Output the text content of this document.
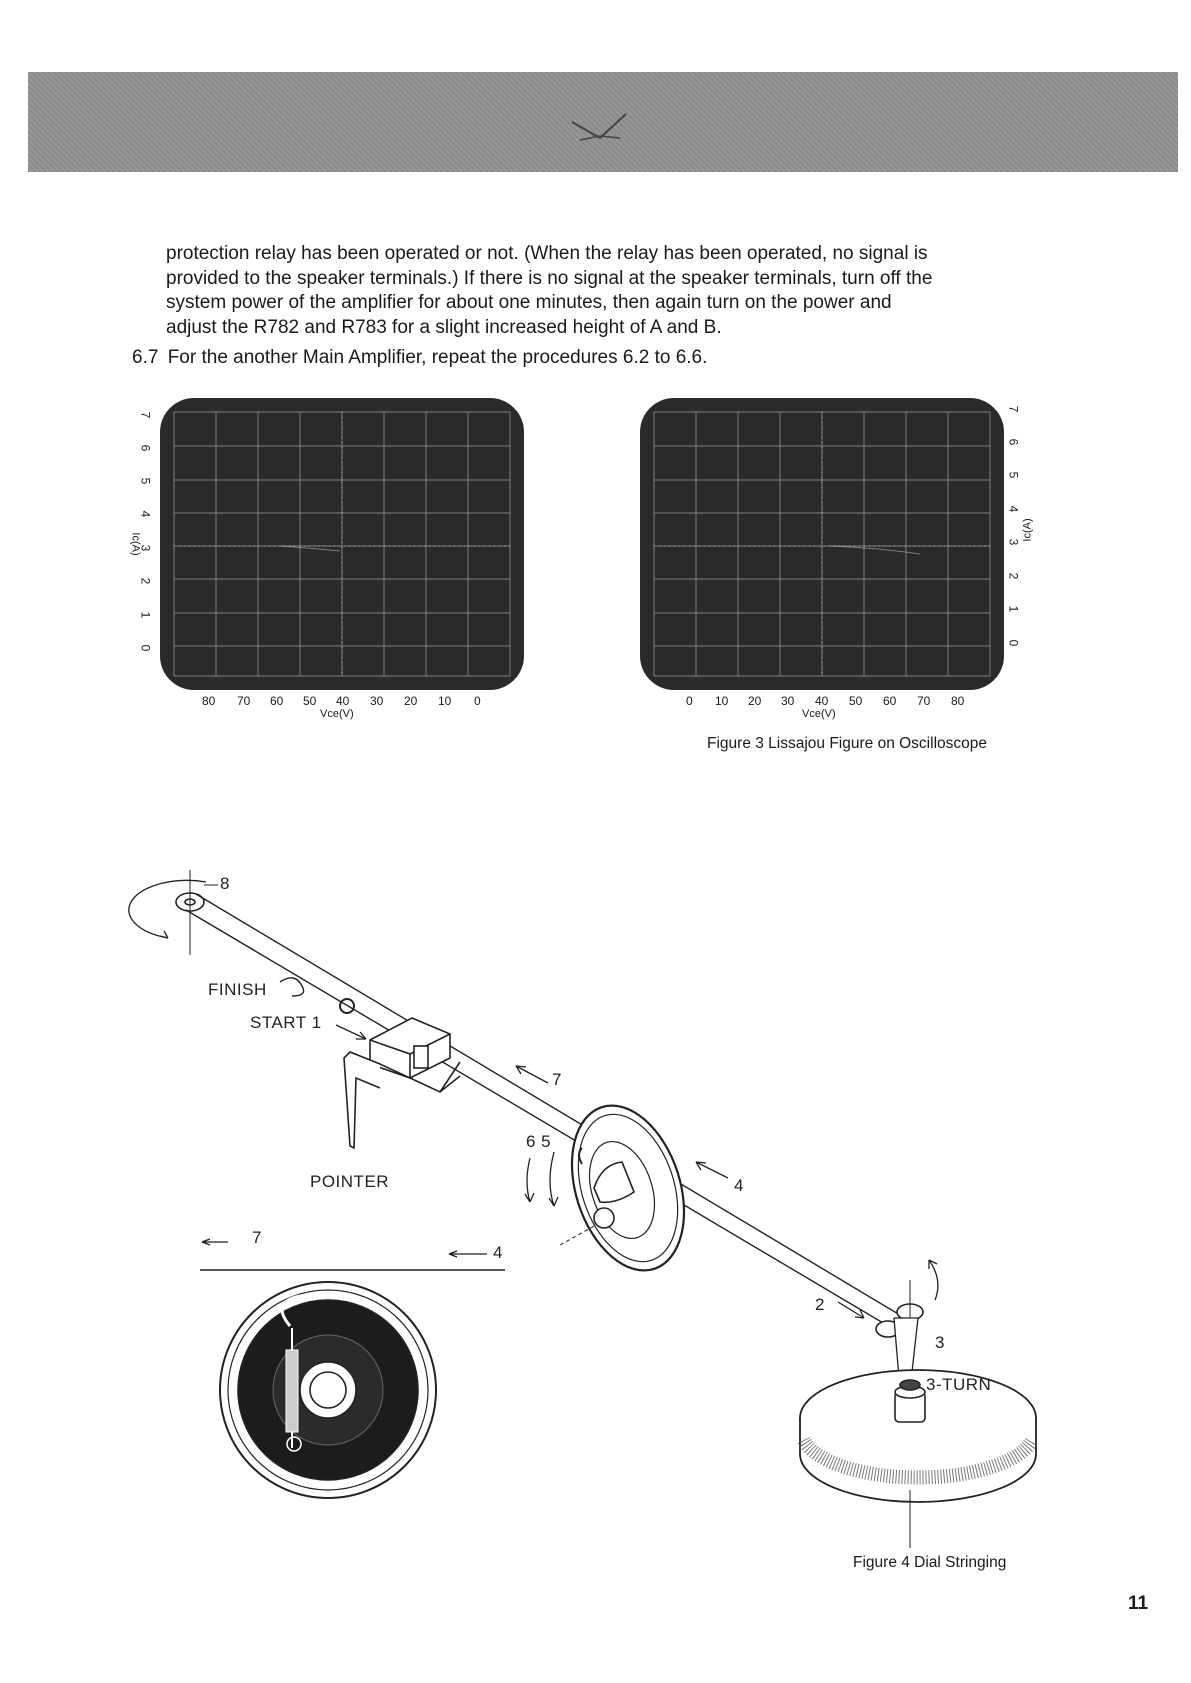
protection relay has been operated or not. (When the relay has been operated, no signal is

provided to the speaker terminals.) If there is no signal at the speaker terminals, turn off the

system power of the amplifier for about one minutes, then again turn on the power and

adjust the R782 and R783 for a slight increased height of A and B.

6.7 For the another Main Amplifier, repeat the procedures 6.2 to 6.6.
7
6
5
4
3
2
1
0
Ic(A)
80 70 60 50 40 30 20 10 0
Vce(V)
7
6
5
4
3
2
1
0
Ic(A)
0 10 20 30 40 50 60 70 80
Vce(V)
Figure 3 Lissajou Figure on Oscilloscope
8
FINISH
START 1
7
POINTER
6 5
4
7
4
2
3
3-TURN
Figure 4 Dial Stringing
11
